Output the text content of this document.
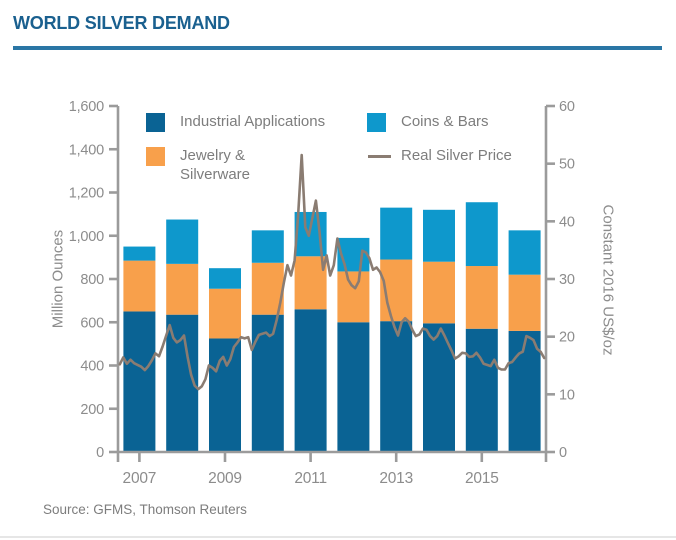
WORLD SILVER DEMAND
0
200
400
600
800
1,000
1,200
1,400
1,600
0
10
20
30
40
50
60
2007	2009	2011	2013	2015
Industrial Applications
Jewelry &
Silverware
Coins & Bars
Real Silver Price
Million Ounces	Constant 2016 US$/oz
Source: GFMS, Thomson Reuters
